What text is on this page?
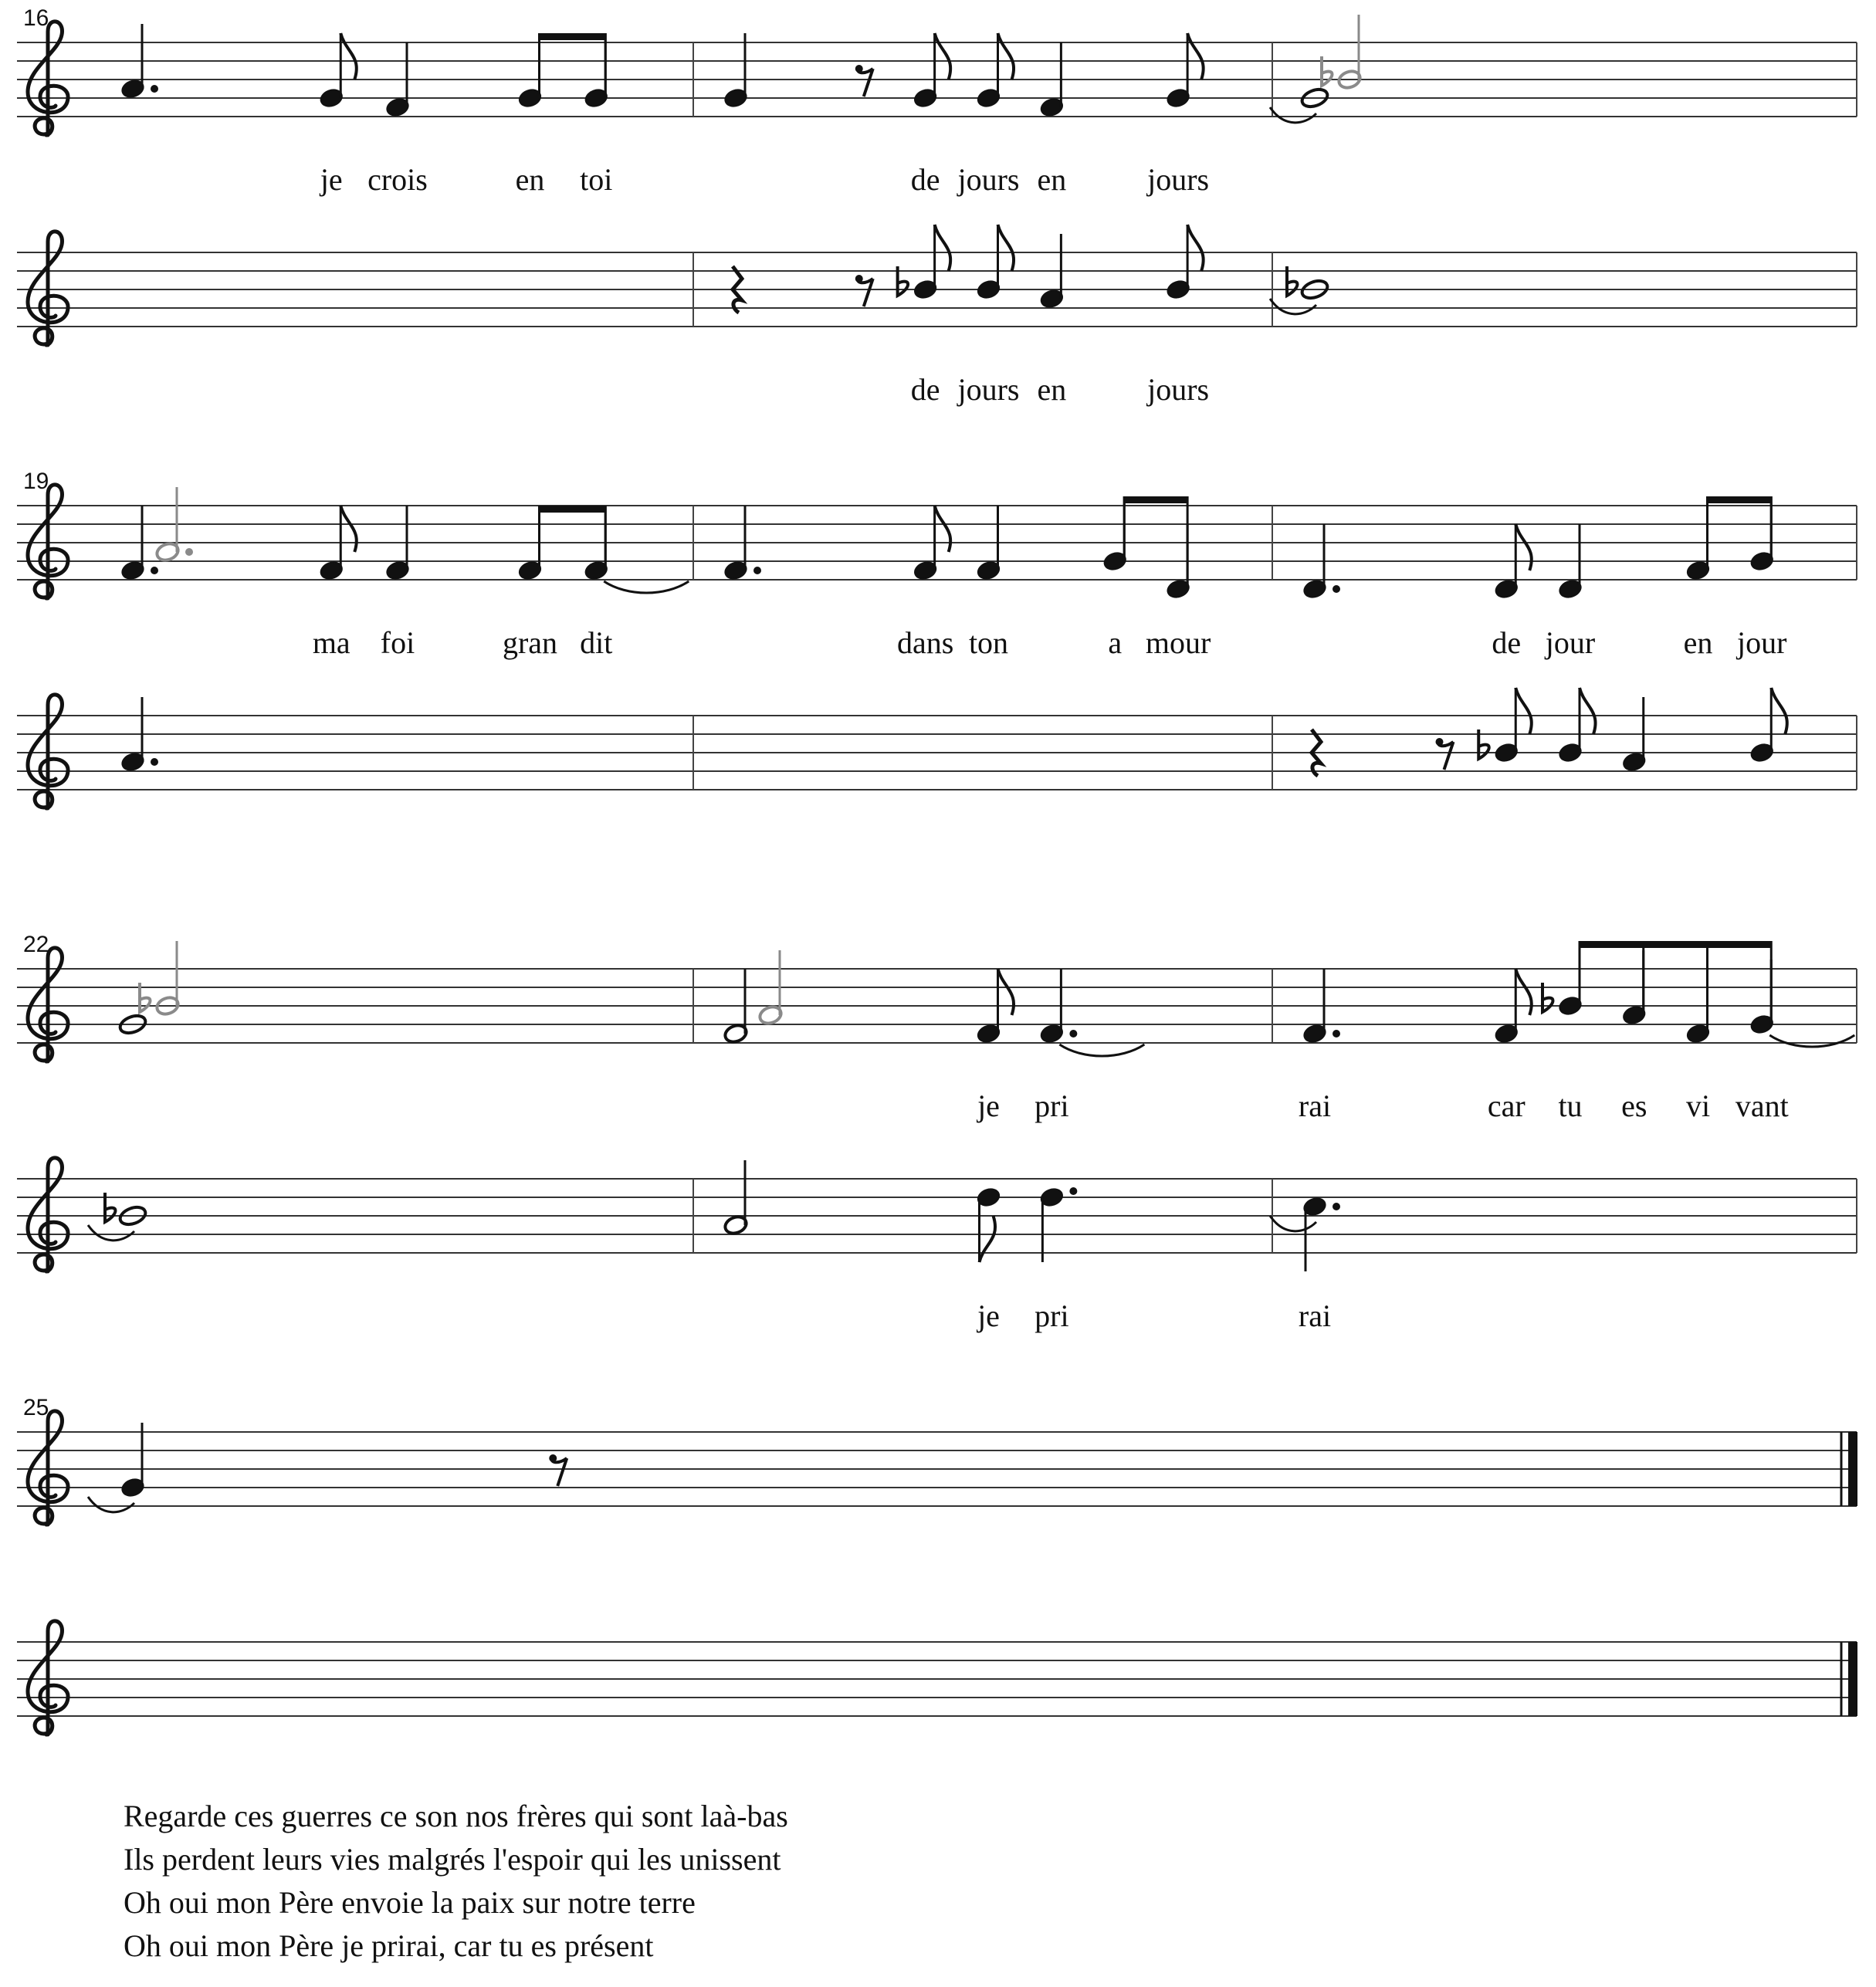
16
je crois	en toi	de jours en	jours
de jours en	jours
19
ma foi	gran dit	dans ton	a mour	de jour	en jour
22
je pri	rai	car tu es vi vant
je pri	rai
25
Regarde ces guerres ce son nos frères qui sont laà-bas
Ils perdent leurs vies malgrés l'espoir qui les unissent
Oh oui mon Père envoie la paix sur notre terre
Oh oui mon Père je prirai, car tu es présent
